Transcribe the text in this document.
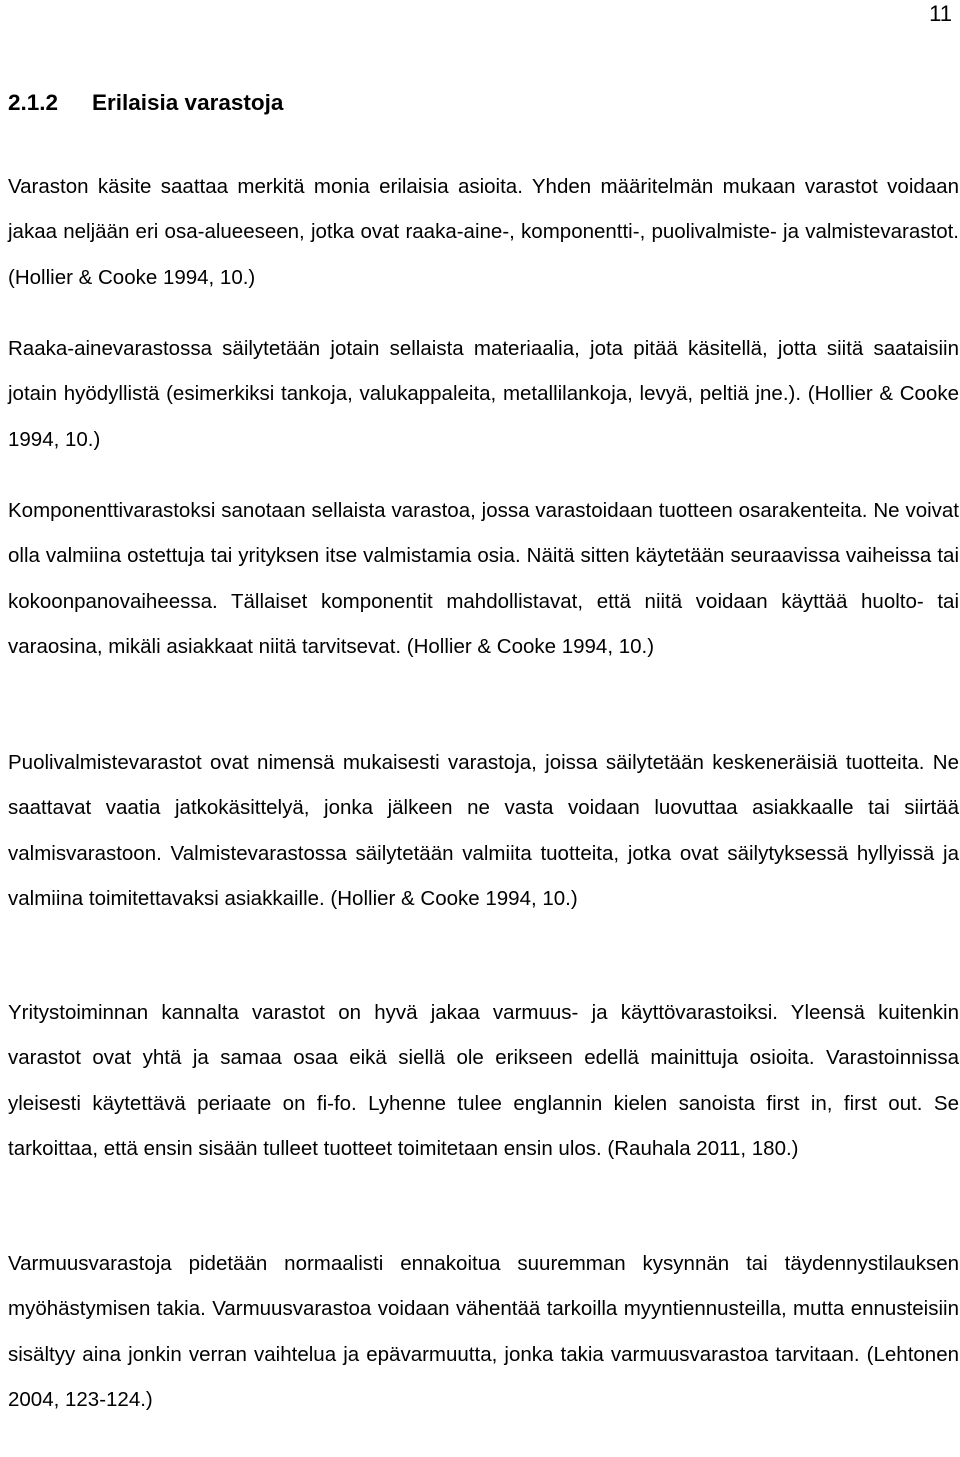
11
2.1.2 Erilaisia varastoja

Varaston käsite saattaa merkitä monia erilaisia asioita. Yhden määritelmän mukaan varastot voidaan jakaa neljään eri osa-alueeseen, jotka ovat raaka-aine-, komponentti-, puolivalmiste- ja valmistevarastot. (Hollier & Cooke 1994, 10.)

Raaka-ainevarastossa säilytetään jotain sellaista materiaalia, jota pitää käsitellä, jotta siitä saataisiin jotain hyödyllistä (esimerkiksi tankoja, valukappaleita, metallilankoja, levyä, peltiä jne.). (Hollier & Cooke 1994, 10.)

Komponenttivarastoksi sanotaan sellaista varastoa, jossa varastoidaan tuotteen osarakenteita. Ne voivat olla valmiina ostettuja tai yrityksen itse valmistamia osia. Näitä sitten käytetään seuraavissa vaiheissa tai kokoonpanovaiheessa. Tällaiset komponentit mahdollistavat, että niitä voidaan käyttää huolto- tai varaosina, mikäli asiakkaat niitä tarvitsevat. (Hollier & Cooke 1994, 10.)

Puolivalmistevarastot ovat nimensä mukaisesti varastoja, joissa säilytetään keskeneräisiä tuotteita. Ne saattavat vaatia jatkokäsittelyä, jonka jälkeen ne vasta voidaan luovuttaa asiakkaalle tai siirtää valmisvarastoon. Valmistevarastossa säilytetään valmiita tuotteita, jotka ovat säilytyksessä hyllyissä ja valmiina toimitettavaksi asiakkaille. (Hollier & Cooke 1994, 10.)

Yritystoiminnan kannalta varastot on hyvä jakaa varmuus- ja käyttövarastoiksi. Yleensä kuitenkin varastot ovat yhtä ja samaa osaa eikä siellä ole erikseen edellä mainittuja osioita. Varastoinnissa yleisesti käytettävä periaate on fi-fo. Lyhenne tulee englannin kielen sanoista first in, first out. Se tarkoittaa, että ensin sisään tulleet tuotteet toimitetaan ensin ulos. (Rauhala 2011, 180.)

Varmuusvarastoja pidetään normaalisti ennakoitua suuremman kysynnän tai täydennystilauksen myöhästymisen takia. Varmuusvarastoa voidaan vähentää tarkoilla myyntiennusteilla, mutta ennusteisiin sisältyy aina jonkin verran vaihtelua ja epävarmuutta, jonka takia varmuusvarastoa tarvitaan. (Lehtonen 2004, 123-124.)
